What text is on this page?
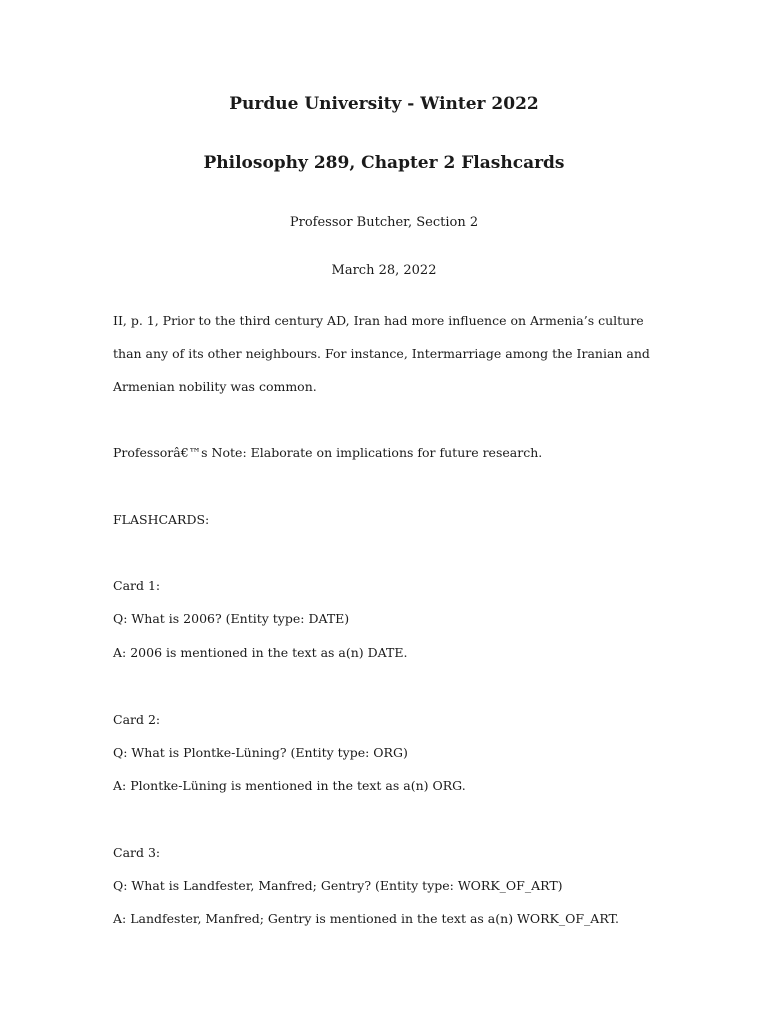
Purdue University - Winter 2022
Philosophy 289, Chapter 2 Flashcards

Professor Butcher, Section 2

March 28, 2022

II, p. 1, Prior to the third century AD, Iran had more influence on Armenia’s culture than any of its other neighbours. For instance, Intermarriage among the Iranian and Armenian nobility was common.

Professorâ€™s Note: Elaborate on implications for future research.

FLASHCARDS:

Card 1:

Q: What is 2006? (Entity type: DATE)

A: 2006 is mentioned in the text as a(n) DATE.

Card 2:

Q: What is Plontke-Lüning? (Entity type: ORG)

A: Plontke-Lüning is mentioned in the text as a(n) ORG.

Card 3:

Q: What is Landfester, Manfred; Gentry? (Entity type: WORK_OF_ART)

A: Landfester, Manfred; Gentry is mentioned in the text as a(n) WORK_OF_ART.
